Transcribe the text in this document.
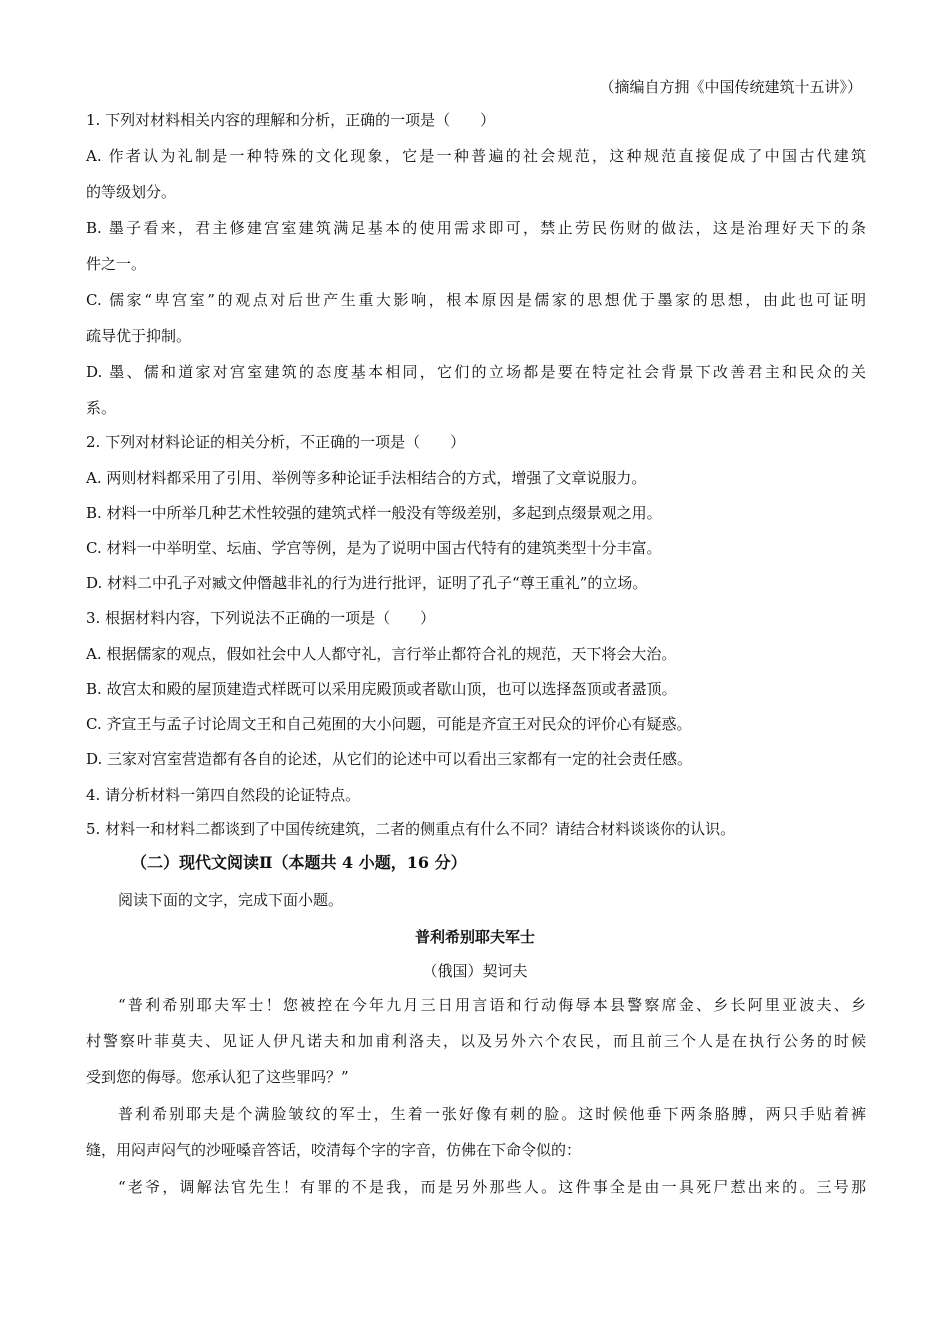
（摘编自方拥《中国传统建筑十五讲》）
1. 下列对材料相关内容的理解和分析，正确的一项是（　　）
A. 作者认为礼制是一种特殊的文化现象，它是一种普遍的社会规范，这种规范直接促成了中国古代建筑
的等级划分。
B. 墨子看来，君主修建宫室建筑满足基本的使用需求即可，禁止劳民伤财的做法，这是治理好天下的条
件之一。
C. 儒家“卑宫室”的观点对后世产生重大影响，根本原因是儒家的思想优于墨家的思想，由此也可证明
疏导优于抑制。
D. 墨、儒和道家对宫室建筑的态度基本相同，它们的立场都是要在特定社会背景下改善君主和民众的关
系。
2. 下列对材料论证的相关分析，不正确的一项是（　　）
A. 两则材料都采用了引用、举例等多种论证手法相结合的方式，增强了文章说服力。
B. 材料一中所举几种艺术性较强的建筑式样一般没有等级差别，多起到点缀景观之用。
C. 材料一中举明堂、坛庙、学宫等例，是为了说明中国古代特有的建筑类型十分丰富。
D. 材料二中孔子对臧文仲僭越非礼的行为进行批评，证明了孔子“尊王重礼”的立场。
3. 根据材料内容，下列说法不正确的一项是（　　）
A. 根据儒家的观点，假如社会中人人都守礼，言行举止都符合礼的规范，天下将会大治。
B. 故宫太和殿的屋顶建造式样既可以采用庑殿顶或者歇山顶，也可以选择盔顶或者盝顶。
C. 齐宣王与孟子讨论周文王和自己苑囿的大小问题，可能是齐宣王对民众的评价心有疑惑。
D. 三家对宫室营造都有各自的论述，从它们的论述中可以看出三家都有一定的社会责任感。
4. 请分析材料一第四自然段的论证特点。
5. 材料一和材料二都谈到了中国传统建筑，二者的侧重点有什么不同？请结合材料谈谈你的认识。
（二）现代文阅读Ⅱ（本题共 4 小题，16 分）
阅读下面的文字，完成下面小题。
普利希别耶夫军士
（俄国）契诃夫
“普利希别耶夫军士！您被控在今年九月三日用言语和行动侮辱本县警察席金、乡长阿里亚波夫、乡
村警察叶菲莫夫、见证人伊凡诺夫和加甫利洛夫，以及另外六个农民，而且前三个人是在执行公务的时候
受到您的侮辱。您承认犯了这些罪吗？”
普利希别耶夫是个满脸皱纹的军士，生着一张好像有刺的脸。这时候他垂下两条胳膊，两只手贴着裤
缝，用闷声闷气的沙哑嗓音答话，咬清每个字的字音，仿佛在下命令似的：
“老爷，调解法官先生！有罪的不是我，而是另外那些人。这件事全是由一具死尸惹出来的。三号那
